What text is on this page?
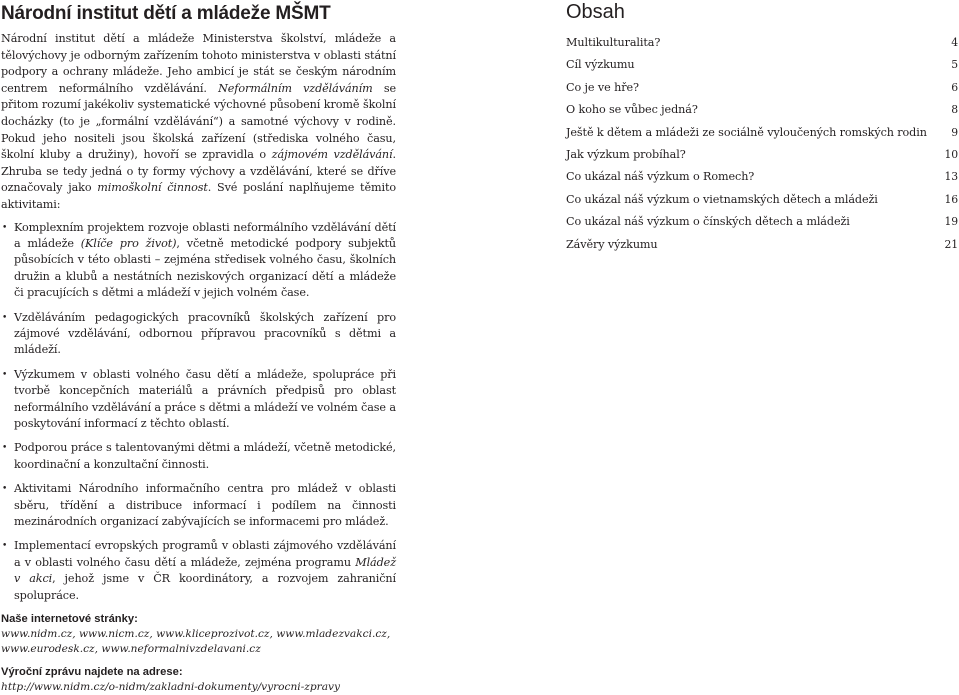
Národní institut dětí a mládeže MŠMT
Národní institut dětí a mládeže Ministerstva školství, mládeže a tělovýchovy je odborným zařízením tohoto ministerstva v oblasti státní podpory a ochrany mládeže. Jeho ambicí je stát se českým národním centrem neformálního vzdělávání. Neformálním vzděláváním se přitom rozumí jakékoliv systematické výchovné působení kromě školní docházky (to je „formální vzdělávání“) a samotné výchovy v rodině. Pokud jeho nositeli jsou školská zařízení (střediska volného času, školní kluby a družiny), hovoří se zpravidla o zájmovém vzdělávání. Zhruba se tedy jedná o ty formy výchovy a vzdělávání, které se dříve označovaly jako mimoškolní činnost. Své poslání naplňujeme těmito aktivitami:
• Komplexním projektem rozvoje oblasti neformálního vzdělávání dětí a mládeže (Klíče pro život), včetně metodické podpory subjektů působících v této oblasti – zejména středisek volného času, školních družin a klubů a nestátních neziskových organizací dětí a mládeže či pracujících s dětmi a mládeží v jejich volném čase.
• Vzděláváním pedagogických pracovníků školských zařízení pro zájmové vzdělávání, odbornou přípravou pracovníků s dětmi a mládeží.
• Výzkumem v oblasti volného času dětí a mládeže, spolupráce při tvorbě koncepčních materiálů a právních předpisů pro oblast neformálního vzdělávání a práce s dětmi a mládeží ve volném čase a poskytování informací z těchto oblastí.
• Podporou práce s talentovanými dětmi a mládeží, včetně metodické, koordinační a konzultační činnosti.
• Aktivitami Národního informačního centra pro mládež v oblasti sběru, třídění a distribuce informací i podílem na činnosti mezinárodních organizací zabývajících se informacemi pro mládež.
• Implementací evropských programů v oblasti zájmového vzdělávání a v oblasti volného času dětí a mládeže, zejména programu Mládež v akci, jehož jsme v ČR koordinátory, a rozvojem zahraniční spolupráce.
Naše internetové stránky:
www.nidm.cz, www.nicm.cz, www.kliceprozivot.cz, www.mladezvakci.cz,
www.eurodesk.cz, www.neformalnivzdelavani.cz
Výroční zprávu najdete na adrese:
http://www.nidm.cz/o-nidm/zakladni-dokumenty/vyrocni-zpravy
Obsah
Multikulturalita?	4
Cíl výzkumu	5
Co je ve hře?	6
O koho se vůbec jedná?	8
Ještě k dětem a mládeži ze sociálně vyloučených romských rodin 9
Jak výzkum probíhal?	10
Co ukázal náš výzkum o Romech?	13
Co ukázal náš výzkum o vietnamských dětech a mládeži	16
Co ukázal náš výzkum o čínských dětech a mládeži	19
Závěry výzkumu	21
